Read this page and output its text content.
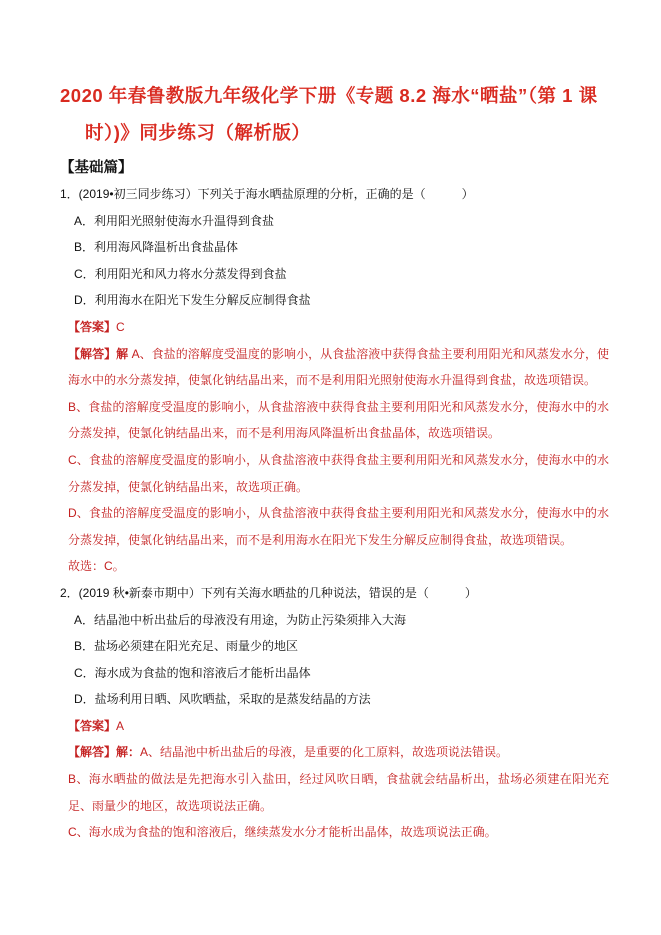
2020 年春鲁教版九年级化学下册《专题 8.2 海水“晒盐”（第 1 课
时）)》同步练习（解析版）
【基础篇】
1．(2019•初三同步练习）下列关于海水晒盐原理的分析，正确的是（　　　）
A．利用阳光照射使海水升温得到食盐
B．利用海风降温析出食盐晶体
C．利用阳光和风力将水分蒸发得到食盐
D．利用海水在阳光下发生分解反应制得食盐
【答案】C
【解答】解 A、食盐的溶解度受温度的影响小，从食盐溶液中获得食盐主要利用阳光和风蒸发水分，使海水中的水分蒸发掉，使氯化钠结晶出来，而不是利用阳光照射使海水升温得到食盐，故选项错误。
B、食盐的溶解度受温度的影响小，从食盐溶液中获得食盐主要利用阳光和风蒸发水分，使海水中的水分蒸发掉，使氯化钠结晶出来，而不是利用海风降温析出食盐晶体，故选项错误。
C、食盐的溶解度受温度的影响小，从食盐溶液中获得食盐主要利用阳光和风蒸发水分，使海水中的水分蒸发掉，使氯化钠结晶出来，故选项正确。
D、食盐的溶解度受温度的影响小，从食盐溶液中获得食盐主要利用阳光和风蒸发水分，使海水中的水分蒸发掉，使氯化钠结晶出来，而不是利用海水在阳光下发生分解反应制得食盐，故选项错误。
故选：C。
2．(2019 秋•新泰市期中）下列有关海水晒盐的几种说法，错误的是（　　　）
A．结晶池中析出盐后的母液没有用途，为防止污染须排入大海
B．盐场必须建在阳光充足、雨量少的地区
C．海水成为食盐的饱和溶液后才能析出晶体
D．盐场利用日晒、风吹晒盐，采取的是蒸发结晶的方法
【答案】A
【解答】解：A、结晶池中析出盐后的母液，是重要的化工原料，故选项说法错误。
B、海水晒盐的做法是先把海水引入盐田，经过风吹日晒，食盐就会结晶析出，盐场必须建在阳光充足、雨量少的地区，故选项说法正确。
C、海水成为食盐的饱和溶液后，继续蒸发水分才能析出晶体，故选项说法正确。
